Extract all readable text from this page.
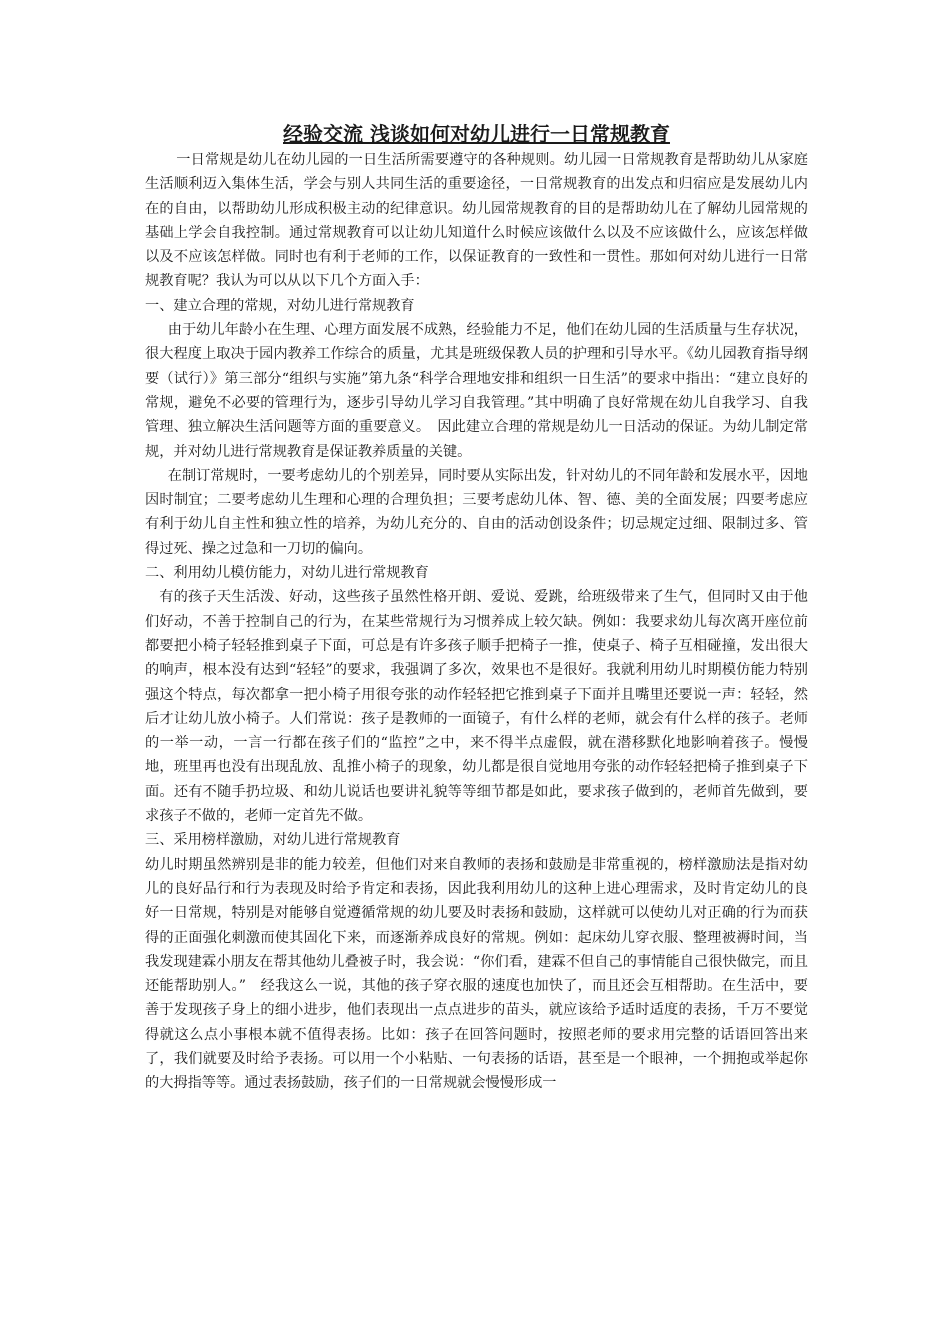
经验交流 浅谈如何对幼儿进行一日常规教育

一日常规是幼儿在幼儿园的一日生活所需要遵守的各种规则。幼儿园一日常规教育是帮助幼儿从家庭生活顺利迈入集体生活，学会与别人共同生活的重要途径，一日常规教育的出发点和归宿应是发展幼儿内在的自由，以帮助幼儿形成积极主动的纪律意识。幼儿园常规教育的目的是帮助幼儿在了解幼儿园常规的基础上学会自我控制。通过常规教育可以让幼儿知道什么时候应该做什么以及不应该做什么，应该怎样做以及不应该怎样做。同时也有利于老师的工作，以保证教育的一致性和一贯性。那如何对幼儿进行一日常规教育呢？我认为可以从以下几个方面入手：

一、建立合理的常规，对幼儿进行常规教育

由于幼儿年龄小在生理、心理方面发展不成熟，经验能力不足，他们在幼儿园的生活质量与生存状况，很大程度上取决于园内教养工作综合的质量，尤其是班级保教人员的护理和引导水平。《幼儿园教育指导纲要（试行）》第三部分“组织与实施”第九条“科学合理地安排和组织一日生活”的要求中指出：“建立良好的常规，避免不必要的管理行为，逐步引导幼儿学习自我管理。”其中明确了良好常规在幼儿自我学习、自我管理、独立解决生活问题等方面的重要意义。　因此建立合理的常规是幼儿一日活动的保证。为幼儿制定常规，并对幼儿进行常规教育是保证教养质量的关键。

在制订常规时，一要考虑幼儿的个别差异，同时要从实际出发，针对幼儿的不同年龄和发展水平，因地因时制宜；二要考虑幼儿生理和心理的合理负担；三要考虑幼儿体、智、德、美的全面发展；四要考虑应有利于幼儿自主性和独立性的培养，为幼儿充分的、自由的活动创设条件；切忌规定过细、限制过多、管得过死、操之过急和一刀切的偏向。

二、利用幼儿模仿能力，对幼儿进行常规教育

有的孩子天生活泼、好动，这些孩子虽然性格开朗、爱说、爱跳，给班级带来了生气，但同时又由于他们好动，不善于控制自己的行为，在某些常规行为习惯养成上较欠缺。例如：我要求幼儿每次离开座位前都要把小椅子轻轻推到桌子下面，可总是有许多孩子顺手把椅子一推，使桌子、椅子互相碰撞，发出很大的响声，根本没有达到“轻轻”的要求，我强调了多次，效果也不是很好。我就利用幼儿时期模仿能力特别强这个特点，每次都拿一把小椅子用很夸张的动作轻轻把它推到桌子下面并且嘴里还要说一声：轻轻，然后才让幼儿放小椅子。人们常说：孩子是教师的一面镜子，有什么样的老师，就会有什么样的孩子。老师的一举一动，一言一行都在孩子们的“监控”之中，来不得半点虚假，就在潜移默化地影响着孩子。慢慢地，班里再也没有出现乱放、乱推小椅子的现象，幼儿都是很自觉地用夸张的动作轻轻把椅子推到桌子下面。还有不随手扔垃圾、和幼儿说话也要讲礼貌等等细节都是如此，要求孩子做到的，老师首先做到，要求孩子不做的，老师一定首先不做。

三、采用榜样激励，对幼儿进行常规教育

幼儿时期虽然辨别是非的能力较差，但他们对来自教师的表扬和鼓励是非常重视的，榜样激励法是指对幼儿的良好品行和行为表现及时给予肯定和表扬，因此我利用幼儿的这种上进心理需求，及时肯定幼儿的良好一日常规，特别是对能够自觉遵循常规的幼儿要及时表扬和鼓励，这样就可以使幼儿对正确的行为而获得的正面强化刺激而使其固化下来，而逐渐养成良好的常规。例如：起床幼儿穿衣服、整理被褥时间，当我发现建霖小朋友在帮其他幼儿叠被子时，我会说：“你们看，建霖不但自己的事情能自己很快做完，而且还能帮助别人。”　经我这么一说，其他的孩子穿衣服的速度也加快了，而且还会互相帮助。在生活中，要善于发现孩子身上的细小进步，他们表现出一点点进步的苗头，就应该给予适时适度的表扬，千万不要觉得就这么点小事根本就不值得表扬。比如：孩子在回答问题时，按照老师的要求用完整的话语回答出来了，我们就要及时给予表扬。可以用一个小粘贴、一句表扬的话语，甚至是一个眼神，一个拥抱或举起你的大拇指等等。通过表扬鼓励，孩子们的一日常规就会慢慢形成一
